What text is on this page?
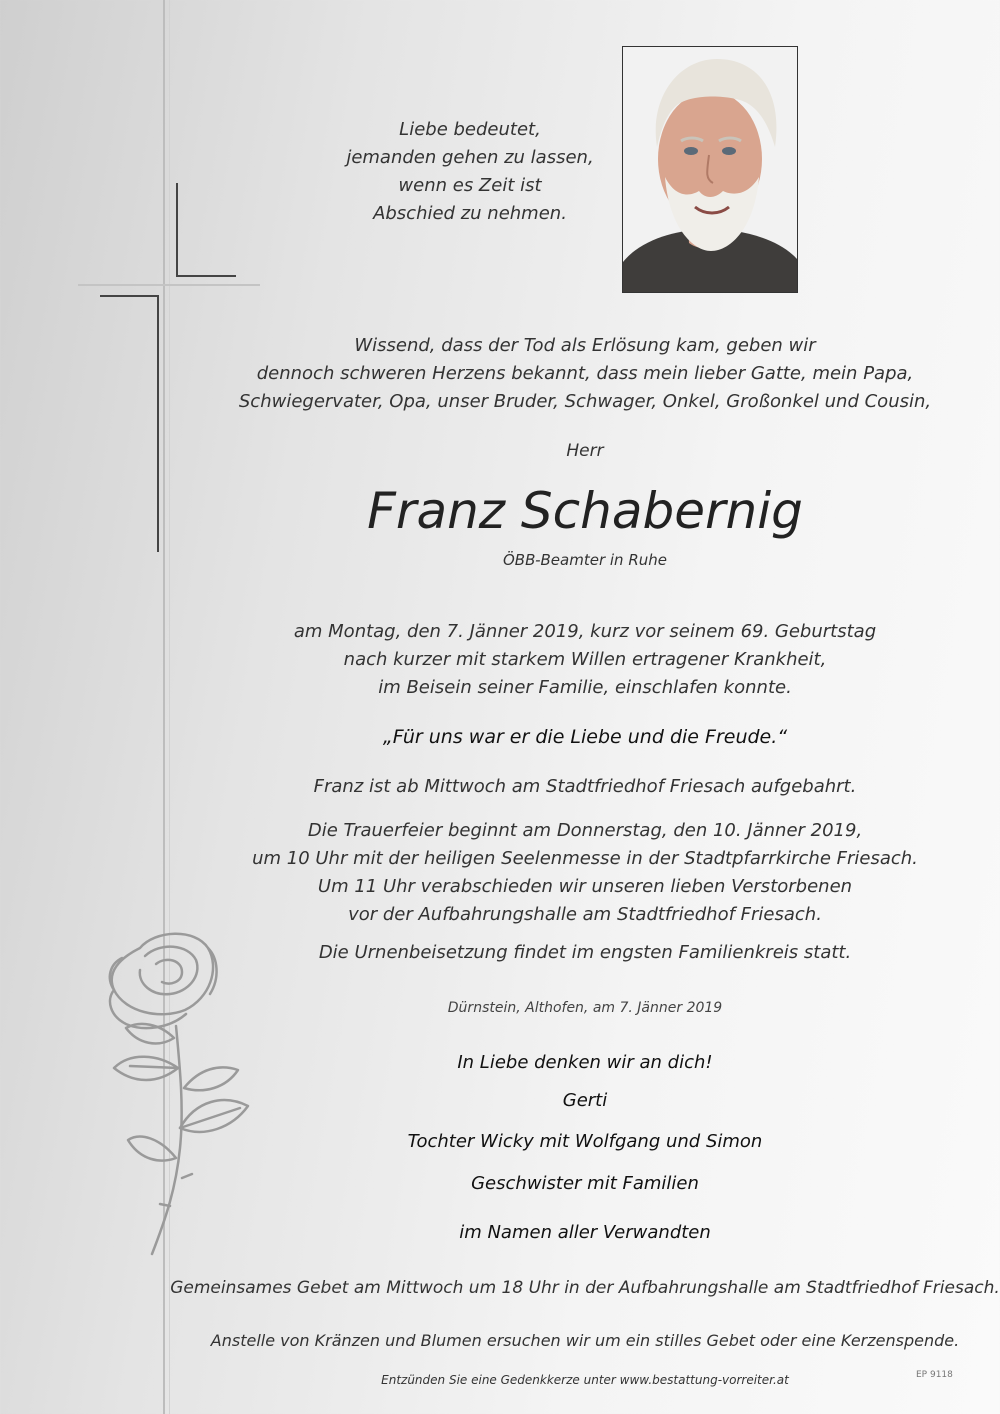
Liebe bedeutet,
jemanden gehen zu lassen,
wenn es Zeit ist
Abschied zu nehmen.
Wissend, dass der Tod als Erlösung kam, geben wir
dennoch schweren Herzens bekannt, dass mein lieber Gatte, mein Papa,
Schwiegervater, Opa, unser Bruder, Schwager, Onkel, Großonkel und Cousin,
Herr
Franz Schabernig
ÖBB-Beamter in Ruhe
am Montag, den 7. Jänner 2019, kurz vor seinem 69. Geburtstag
nach kurzer mit starkem Willen ertragener Krankheit,
im Beisein seiner Familie, einschlafen konnte.
„Für uns war er die Liebe und die Freude.“
Franz ist ab Mittwoch am Stadtfriedhof Friesach aufgebahrt.
Die Trauerfeier beginnt am Donnerstag, den 10. Jänner 2019,
um 10 Uhr mit der heiligen Seelenmesse in der Stadtpfarrkirche Friesach.
Um 11 Uhr verabschieden wir unseren lieben Verstorbenen
vor der Aufbahrungshalle am Stadtfriedhof Friesach.
Die Urnenbeisetzung findet im engsten Familienkreis statt.
Dürnstein, Althofen, am 7. Jänner 2019
In Liebe denken wir an dich!
Gerti
Tochter Wicky mit Wolfgang und Simon
Geschwister mit Familien
im Namen aller Verwandten
Gemeinsames Gebet am Mittwoch um 18 Uhr in der Aufbahrungshalle am Stadtfriedhof Friesach.
Anstelle von Kränzen und Blumen ersuchen wir um ein stilles Gebet oder eine Kerzenspende.
Entzünden Sie eine Gedenkkerze unter www.bestattung-vorreiter.at	EP 9118
